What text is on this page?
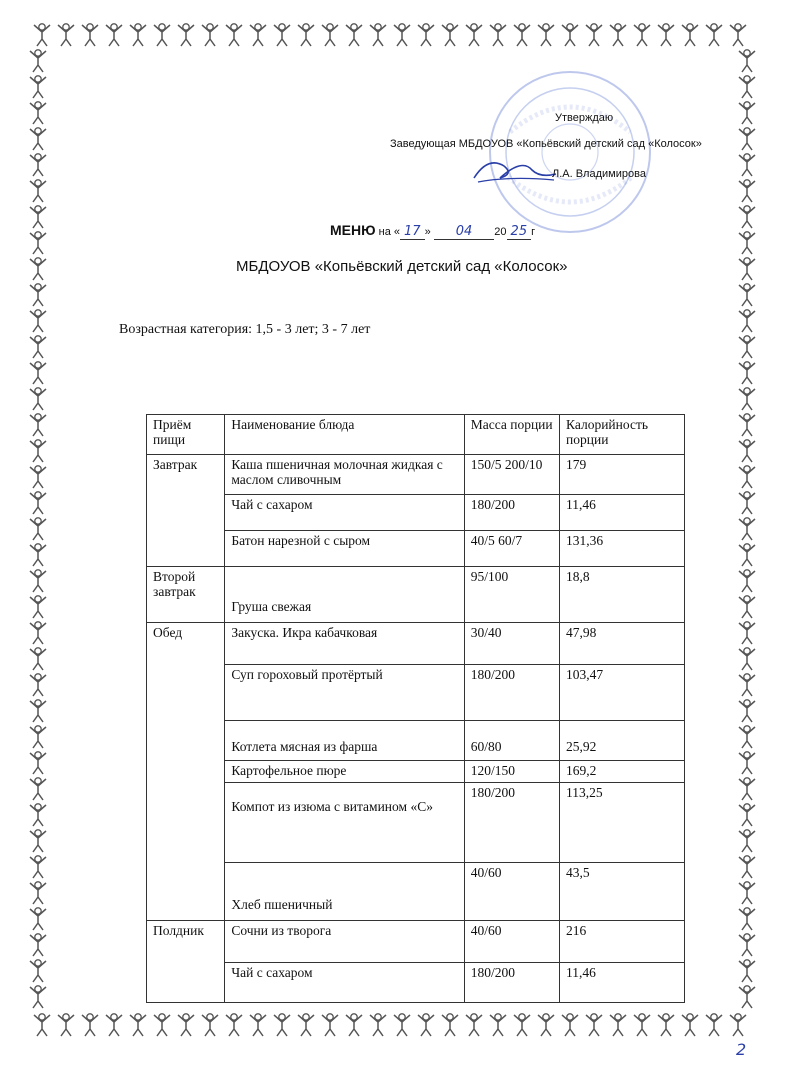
Утверждаю
Заведующая МБДОУОВ «Копьёвский детский сад «Колосок»
Л.А. Владимирова
МЕНЮ на « 17 » 04 20 25 г
МБДОУОВ «Копьёвский детский сад «Колосок»
Возрастная категория: 1,5 - 3 лет; 3 - 7 лет
Приём пищи	Наименование блюда	Масса порции	Калорийность порции
Завтрак	Каша пшеничная молочная жидкая с маслом сливочным	150/5 200/10	179
	Чай с сахаром	180/200	11,46
	Батон нарезной с сыром	40/5 60/7	131,36
Второй завтрак	Груша свежая	95/100	18,8
Обед	Закуска. Икра кабачковая	30/40	47,98
	Суп гороховый протёртый	180/200	103,47
	Котлета мясная из фарша	60/80	25,92
	Картофельное пюре	120/150	169,2
	Компот из изюма с витамином «С»	180/200	113,25
	Хлеб пшеничный	40/60	43,5
Полдник	Сочни из творога	40/60	216
	Чай с сахаром	180/200	11,46
2
